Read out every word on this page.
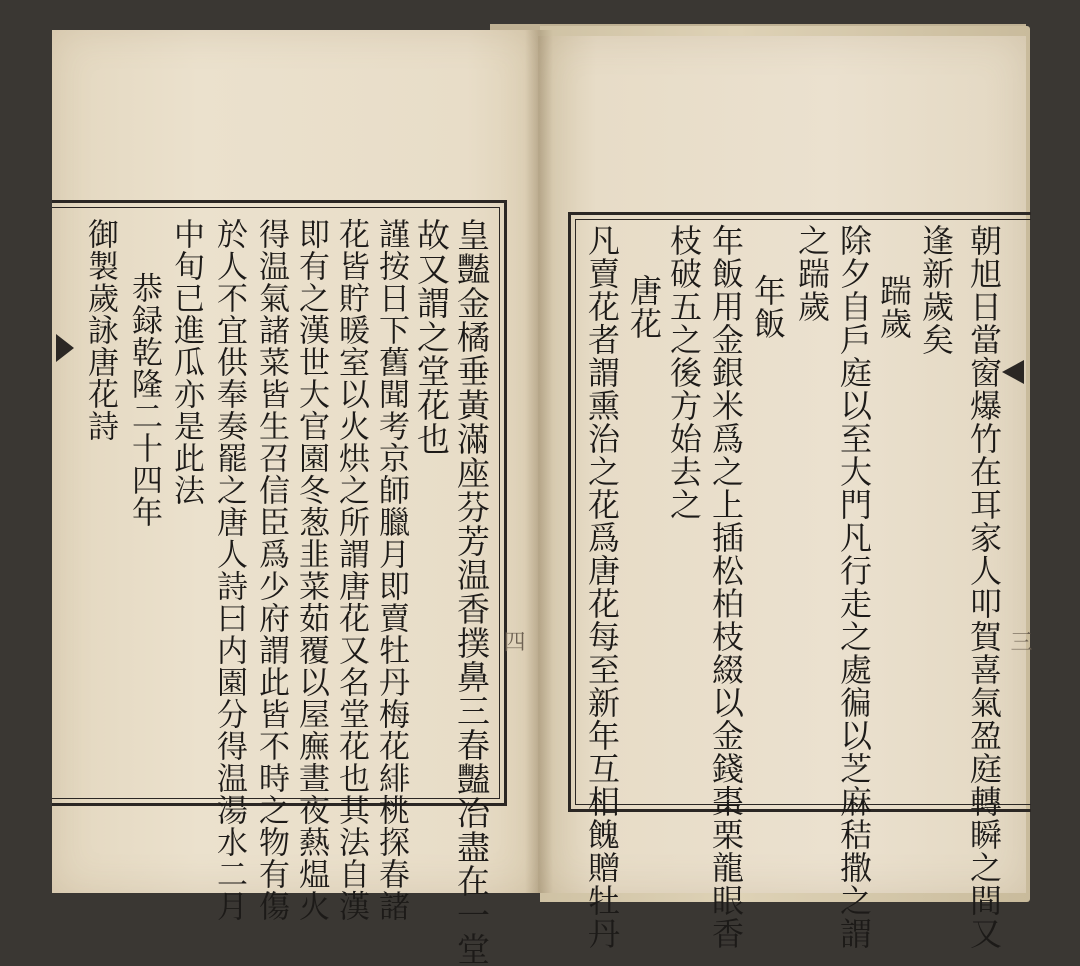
皇豔金橘垂黃滿座芬芳温香撲鼻三春豔冶盡在一堂
故又謂之堂花也
謹按日下舊聞考京師臘月即賣牡丹梅花緋桃探春諸
花皆貯暖室以火烘之所謂唐花又名堂花也其法自漢
即有之漢世大官園冬葱韭菜茹覆以屋廡晝夜爇煴火
得温氣諸菜皆生召信臣爲少府謂此皆不時之物有傷
於人不宜供奉奏罷之唐人詩曰内園分得温湯水二月
中旬已進瓜亦是此法
恭録乾隆二十四年
御製歲詠唐花詩
四	朝旭日當窗爆竹在耳家人叩賀喜氣盈庭轉瞬之間又
逢新歲矣
踹歲
除夕自戶庭以至大門凡行走之處徧以芝麻秸撒之謂
之踹歲
年飯
年飯用金銀米爲之上插松柏枝綴以金錢棗栗龍眼香
枝破五之後方始去之
唐花
凡賣花者謂熏治之花爲唐花每至新年互相餽贈牡丹	三
